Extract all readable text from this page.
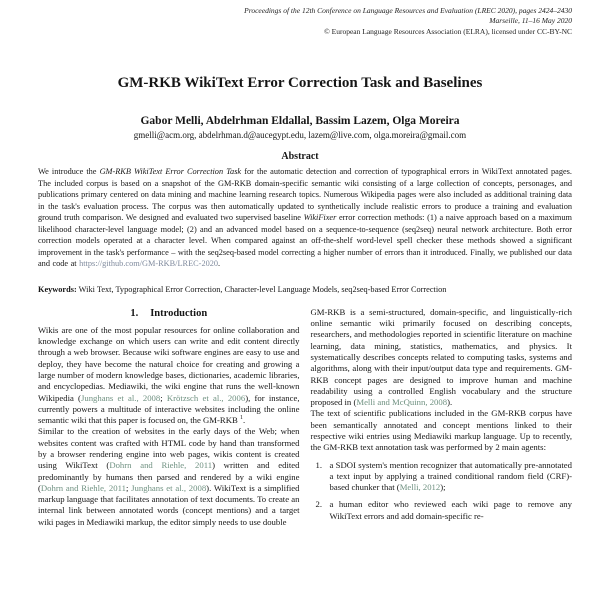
Proceedings of the 12th Conference on Language Resources and Evaluation (LREC 2020), pages 2424–2430
Marseille, 11–16 May 2020
© European Language Resources Association (ELRA), licensed under CC-BY-NC
GM-RKB WikiText Error Correction Task and Baselines
Gabor Melli, Abdelrhman Eldallal, Bassim Lazem, Olga Moreira
gmelli@acm.org, abdelrhman.d@aucegypt.edu, lazem@live.com, olga.moreira@gmail.com
Abstract

We introduce the GM-RKB WikiText Error Correction Task for the automatic detection and correction of typographical errors in WikiText annotated pages. The included corpus is based on a snapshot of the GM-RKB domain-specific semantic wiki consisting of a large collection of concepts, personages, and publications primary centered on data mining and machine learning research topics. Numerous Wikipedia pages were also included as additional training data in the task's evaluation process. The corpus was then automatically updated to synthetically include realistic errors to produce a training and evaluation ground truth comparison. We designed and evaluated two supervised baseline WikiFixer error correction methods: (1) a naive approach based on a maximum likelihood character-level language model; (2) and an advanced model based on a sequence-to-sequence (seq2seq) neural network architecture. Both error correction models operated at a character level. When compared against an off-the-shelf word-level spell checker these methods showed a significant improvement in the task's performance – with the seq2seq-based model correcting a higher number of errors than it introduced. Finally, we published our data and code at https://github.com/GM-RKB/LREC-2020.

Keywords: Wiki Text, Typographical Error Correction, Character-level Language Models, seq2seq-based Error Correction

1. Introduction

Wikis are one of the most popular resources for online collaboration and knowledge exchange on which users can write and edit content directly through a web browser. Because wiki software engines are easy to use and deploy, they have become the natural choice for creating and growing a large number of modern knowledge bases, dictionaries, academic libraries, and encyclopedias. Mediawiki, the wiki engine that runs the well-known Wikipedia (Junghans et al., 2008; Krötzsch et al., 2006), for instance, currently powers a multitude of interactive websites including the online semantic wiki that this paper is focused on, the GM-RKB $^1$.

Similar to the creation of websites in the early days of the Web; when websites content was crafted with HTML code by hand than transformed by a browser rendering engine into web pages, wikis content is created using WikiText (Dohrn and Riehle, 2011) written and edited predominantly by humans then parsed and rendered by a wiki engine (Dohrn and Riehle, 2011; Junghans et al., 2008). WikiText is a simplified markup language that facilitates annotation of text documents. To create an internal link between annotated words (concept mentions) and a target wiki pages in Mediawiki markup, the editor simply needs to use double

GM-RKB is a semi-structured, domain-specific, and linguistically-rich online semantic wiki primarily focused on describing concepts, researchers, and methodologies reported in scientific literature on machine learning, data mining, statistics, mathematics, and physics. It systematically describes concepts related to computing tasks, systems and algorithms, along with their input/output data type and requirements. GM-RKB concept pages are designed to improve human and machine readability using a controlled English vocabulary and the structure proposed in (Melli and McQuinn, 2008).

The text of scientific publications included in the GM-RKB corpus have been semantically annotated and concept mentions linked to their respective wiki entries using Mediawiki markup language. Up to recently, the GM-RKB text annotation task was performed by 2 main agents:

1. a SDOI system's mention recognizer that automatically pre-annotated a text input by applying a trained conditional random field (CRF)-based chunker that (Melli, 2012);
2. a human editor who reviewed each wiki page to remove any WikiText errors and add domain-specific re-
